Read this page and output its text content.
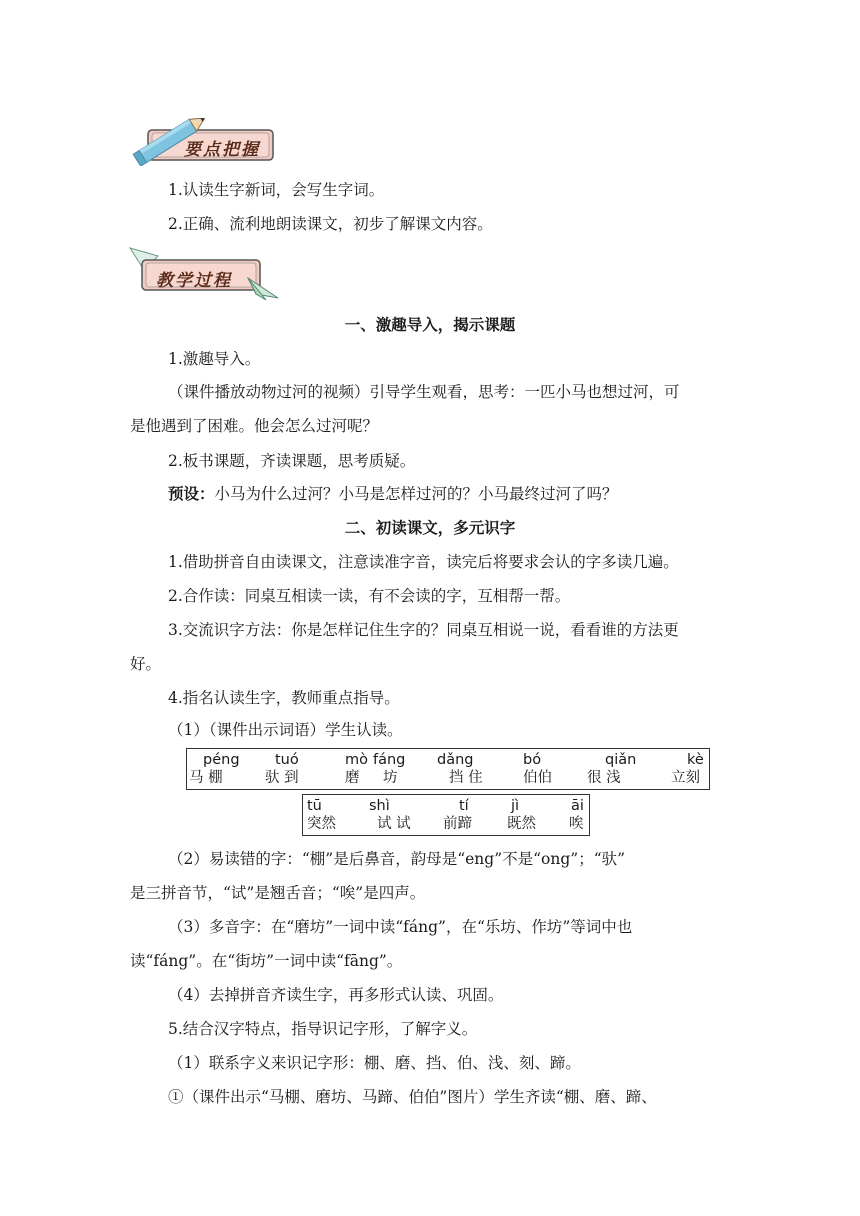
要点把握
1.认读生字新词，会写生字词。
2.正确、流利地朗读课文，初步了解课文内容。
教学过程
一、激趣导入，揭示课题
1.激趣导入。
（课件播放动物过河的视频）引导学生观看，思考：一匹小马也想过河，可
是他遇到了困难。他会怎么过河呢？
2.板书课题，齐读课题，思考质疑。
预设：小马为什么过河？小马是怎样过河的？小马最终过河了吗？
二、初读课文，多元识字
1.借助拼音自由读课文，注意读准字音，读完后将要求会认的字多读几遍。
2.合作读：同桌互相读一读，有不会读的字，互相帮一帮。
3.交流识字方法：你是怎样记住生字的？同桌互相说一说，看看谁的方法更
好。
4.指名认读生字，教师重点指导。
（1）（课件出示词语）学生认读。
péng
马 棚
tuó
驮 到
mò
磨
fáng
坊
dǎng
挡 住
bó
伯伯
qiǎn
很 浅
kè
立刻
tū
突然
shì
试 试
tí
前蹄
jì
既然
āi
唉
（2）易读错的字：“棚”是后鼻音，韵母是“eng”不是“ong”；“驮”
是三拼音节，“试”是翘舌音；“唉”是四声。
（3）多音字：在“磨坊”一词中读“fáng”，在“乐坊、作坊”等词中也
读“fáng”。在“街坊”一词中读“fāng”。
（4）去掉拼音齐读生字，再多形式认读、巩固。
5.结合汉字特点，指导识记字形，了解字义。
（1）联系字义来识记字形：棚、磨、挡、伯、浅、刻、蹄。
①（课件出示“马棚、磨坊、马蹄、伯伯”图片）学生齐读“棚、磨、蹄、
